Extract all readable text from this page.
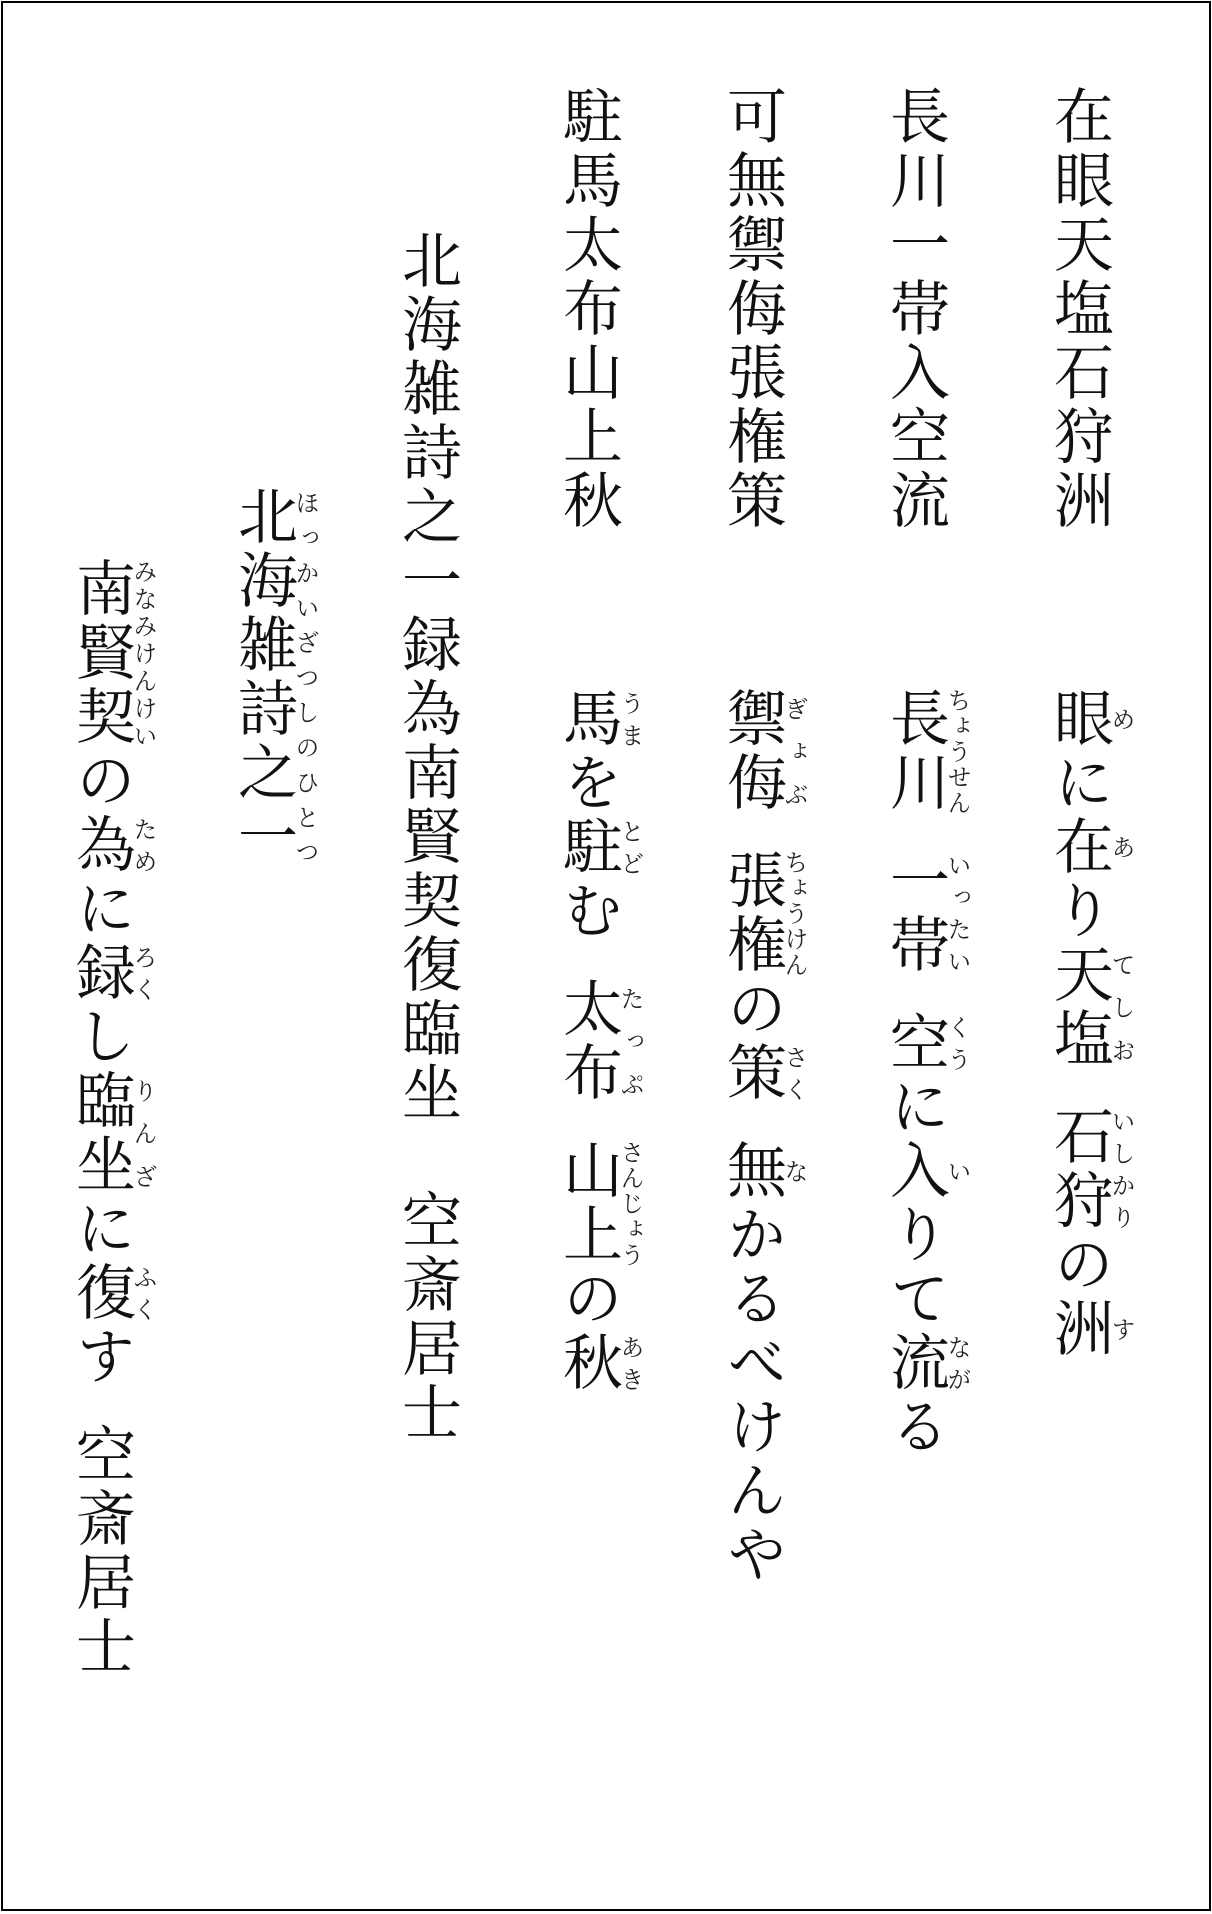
在眼天塩石狩洲
長川一帯入空流
可無禦侮張権策
駐馬太布山上秋
北海雑詩之一録為南賢契復臨坐　空斎居士	眼めに在あり天塩てしお石狩いしかりの洲す
長川ちょうせん一帯いったい空くうに入いりて流ながる
禦侮ぎょぶ張権ちょうけんの策さく無なかるべけんや
馬うまを駐とどむ太布たっぷ山上さんじょうの秋あき
北海雑詩之一ほっかいざつしのひとつ
南賢契みなみけんけいの為ために録ろくし臨坐りんざに復ふくす空斎居士
